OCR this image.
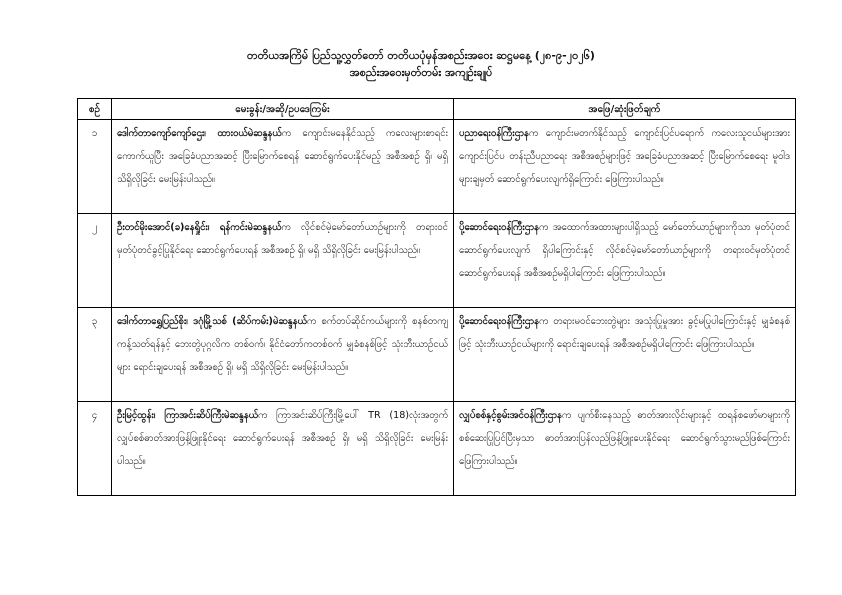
တတိယအကြိမ် ပြည်သူ့လွှတ်တော် တတိယပုံမှန်အစည်းအဝေး ဆဋ္ဌမနေ့ (၂၈-၉-၂၀၂၆)
အစည်းအဝေးမှတ်တမ်း အကျဉ်းချုပ်
စဉ်	မေးခွန်း/အဆို/ဥပဒေကြမ်း	အဖြေ/ဆုံးဖြတ်ချက်
၁	ဒေါက်တာကျော်ကျော်ဌေး၊ ထားဝယ်မဲဆန္ဒနယ်က ကျောင်းမနေနိုင်သည့် ကလေးများစာရင်းကောက်ယူပြီး အခြေခံပညာအဆင့် ပြီးမြောက်စေရန် ဆောင်ရွက်ပေးနိုင်မည့် အစီအစဉ် ရှိ၊ မရှိ သိရှိလိုခြင်း မေးမြန်းပါသည်။	ပညာရေးဝန်ကြီးဌာနက ကျောင်းမတက်နိုင်သည့် ကျောင်းပြင်ပရောက် ကလေးသူငယ်များအား ကျောင်းပြင်ပ တန်းညီပညာရေး အစီအစဉ်များဖြင့် အခြေခံပညာအဆင့် ပြီးမြောက်စေရေး မူဝါဒများချမှတ် ဆောင်ရွက်ပေးလျက်ရှိကြောင်း ဖြေကြားပါသည်။
၂	ဦးတင်မိုးအောင်(ခ)နေရှိုင်း၊ ရန်ကင်းမဲဆန္ဒနယ်က လိုင်စင်မဲ့မော်တော်ယာဉ်များကို တရားဝင်မှတ်ပုံတင်ခွင့်ပြုနိုင်ရေး ဆောင်ရွက်ပေးရန် အစီအစဉ် ရှိ၊ မရှိ သိရှိလိုခြင်း မေးမြန်းပါသည်။	ပို့ဆောင်ရေးဝန်ကြီးဌာနက အထောက်အထားများပါရှိသည့် မော်တော်ယာဉ်များကိုသာ မှတ်ပုံတင်ဆောင်ရွက်ပေးလျက် ရှိပါကြောင်းနှင့် လိုင်စင်မဲ့မော်တော်ယာဉ်များကို တရားဝင်မှတ်ပုံတင် ဆောင်ရွက်ပေးရန် အစီအစဉ်မရှိပါကြောင်း ဖြေကြားပါသည်။
၃	ဒေါက်တာရွှေပြည်စိုး၊ ဒဂုံမြို့သစ် (ဆိပ်ကမ်း)မဲဆန္ဒနယ်က စက်တပ်ဆိုင်ကယ်များကို စနစ်တကျ ကန့်သတ်ရန်နှင့် ဘေးတွဲပုဂ္ဂလိက တစ်ဝက်၊ နိုင်ငံတော်ကတစ်ဝက် မျှခံစနစ်ဖြင့် သုံးဘီးယာဉ်ငယ်များ ရောင်းချပေးရန် အစီအစဉ် ရှိ၊ မရှိ သိရှိလိုခြင်း မေးမြန်းပါသည်။	ပို့ဆောင်ရေးဝန်ကြီးဌာနက တရားမဝင်ဘေးတွဲများ အသုံးပြုမှုအား ခွင့်မပြုပါကြောင်းနှင့် မျှခံစနစ်ဖြင့် သုံးဘီးယာဉ်ငယ်များကို ရောင်းချပေးရန် အစီအစဉ်မရှိပါကြောင်း ဖြေကြားပါသည်။
၄	ဦးမြင့်ထွန်း၊ ကြာအင်းဆိပ်ကြီးမဲဆန္ဒနယ်က ကြာအင်းဆိပ်ကြီးမြို့ပေါ် TR (18)လုံးအတွက် လျှပ်စစ်ဓာတ်အားဖြန့်ဖြူးနိုင်ရေး ဆောင်ရွက်ပေးရန် အစီအစဉ် ရှိ၊ မရှိ သိရှိလိုခြင်း မေးမြန်းပါသည်။	လျှပ်စစ်နှင့်စွမ်းအင်ဝန်ကြီးဌာနက ပျက်စီးနေသည့် ဓာတ်အားလိုင်းများနှင့် ထရန်စဖော်မာများကို စစ်ဆေးပြုပြင်ပြီးမှသာ ဓာတ်အားပြန်လည်ဖြန့်ဖြူးပေးနိုင်ရေး ဆောင်ရွက်သွားမည်ဖြစ်ကြောင်း ဖြေကြားပါသည်။
